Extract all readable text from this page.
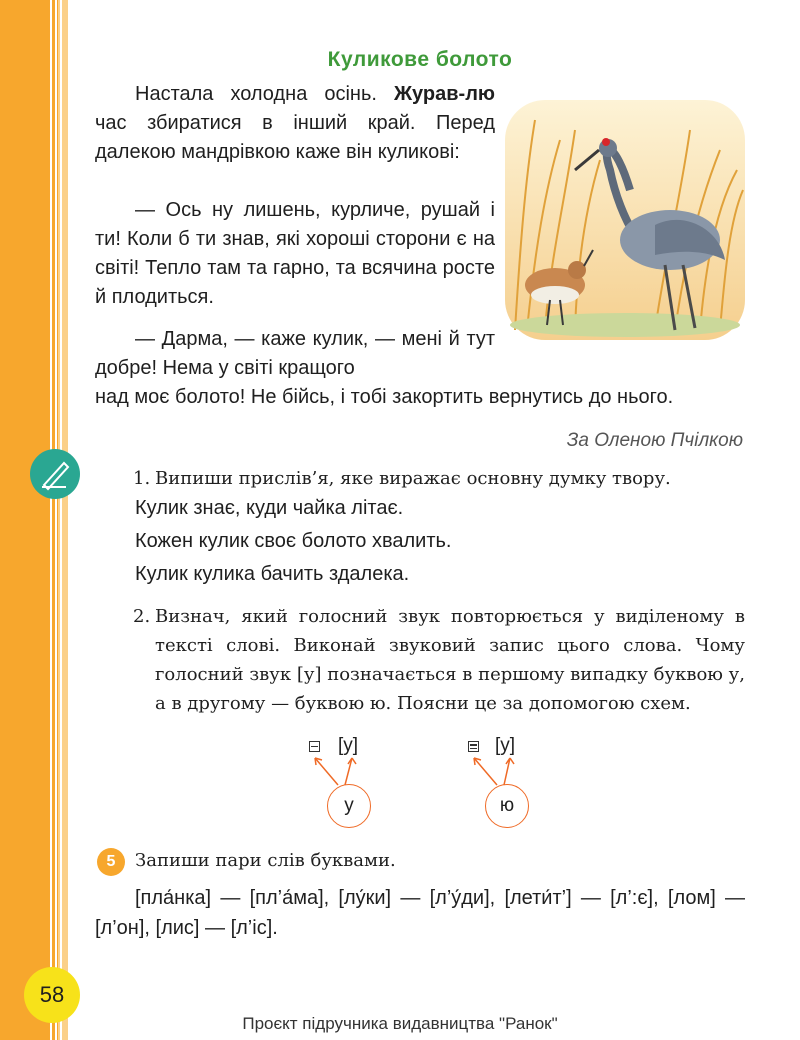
Куликове болото

Настала холодна осінь. Журав-лю час збиратися в інший край. Перед далекою мандрівкою каже він куликові:

— Ось ну лишень, курличе, рушай і ти! Коли б ти знав, які хороші сторони є на світі! Тепло там та гарно, та всячина росте й плодиться.

— Дарма, — каже кулик, — мені й тут добре! Нема у світі кращого

над моє болото! Не бійсь, і тобі закортить вернутись до нього.

За Оленою Пчілкою
1. Випиши прислів’я, яке виражає основну думку твору.
Кулик знає, куди чайка літає.
Кожен кулик своє болото хвалить.
Кулик кулика бачить здалека.
2. Визнач, який голосний звук повторюється у виділеному в тексті слові. Виконай звуковий запис цього слова. Чому голосний звук [у] позначається в першому випадку буквою у, а в другому — буквою ю. Поясни це за допомогою схем.
[у]	[у]
у	ю
5	Запиши пари слів буквами.

[пла́нка] — [пл’а́ма], [лу́ки] — [л’у́ди], [лети́т’] — [л’:є], [лом] — [л’он], [лис] — [л’іс].

58
Проєкт підручника видавництва "Ранок"
